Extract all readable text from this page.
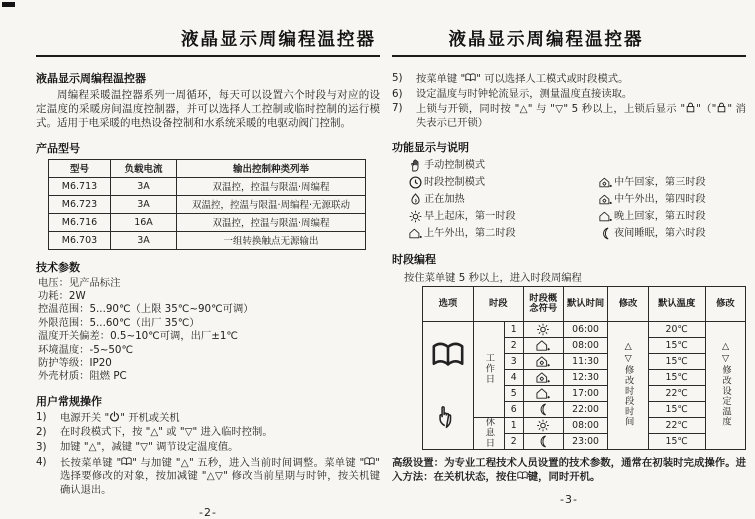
液晶显示周编程温控器
液晶显示周编程温控器
周编程采暖温控器系列一周循环，每天可以设置六个时段与对应的设定温度的采暖房间温度控制器，并可以选择人工控制或临时控制的运行模式。适用于电采暖的电热设备控制和水系统采暖的电驱动阀门控制。
产品型号
型号	负载电流	输出控制种类列举
M6.713	3A	双温控，控温与限温·周编程
M6.723	3A	双温控，控温与限温·周编程·无源联动
M6.716	16A	双温控，控温与限温·周编程
M6.703	3A	一组转换触点无源输出
技术参数
电压：见产品标注
功耗：2W
控温范围：5...90℃（上限 35℃~90℃可调）
外限范围：5...60℃（出厂 35℃）
温度开关偏差：0.5~10℃可调，出厂±1℃
环境温度：-5~50℃
防护等级：IP20
外壳材质：阻燃 PC
用户常规操作
1)	电源开关 " " 开机或关机
2)	在时段模式下，按 "△" 或 "▽" 进入临时控制。
3)	加键 "△"，减键 "▽" 调节设定温度值。
4)	长按菜单键 " " 与加键 "△" 五秒，进入当前时间调整。菜单键 " " 选择要修改的对象，按加减键 "△▽" 修改当前星期与时钟，按关机键确认退出。
-2-
液晶显示周编程温控器
5)	按菜单键 " " 可以选择人工模式或时段模式。
6)	设定温度与时钟轮流显示，测量温度直接读取。
7)	上锁与开锁，同时按 "△" 与 "▽" 5 秒以上，上锁后显示 " "（" " 消失表示已开锁）
功能显示与说明
手动控制模式
时段控制模式
正在加热
早上起床，第一时段
上午外出，第二时段
中午回家，第三时段
中午外出，第四时段
晚上回家，第五时段
夜间睡眠，第六时段
时段编程
按住菜单键 5 秒以上，进入时段周编程
选项	时段		时段概念符号	默认时间	修改	默认温度	修改

	工作日	1		06:00	△▽修改时段时间	20℃	△▽修改设定温度
		2		08:00		15℃	
		3		11:30		15℃	
		4		12:30		15℃	
		5		17:00		22℃	
		6		22:00		15℃	
	休息日	1		08:00		22℃	
		2		23:00		15℃	
高级设置：为专业工程技术人员设置的技术参数，通常在初装时完成操作。进入方法：在关机状态，按住 键，同时开机。
-3-
